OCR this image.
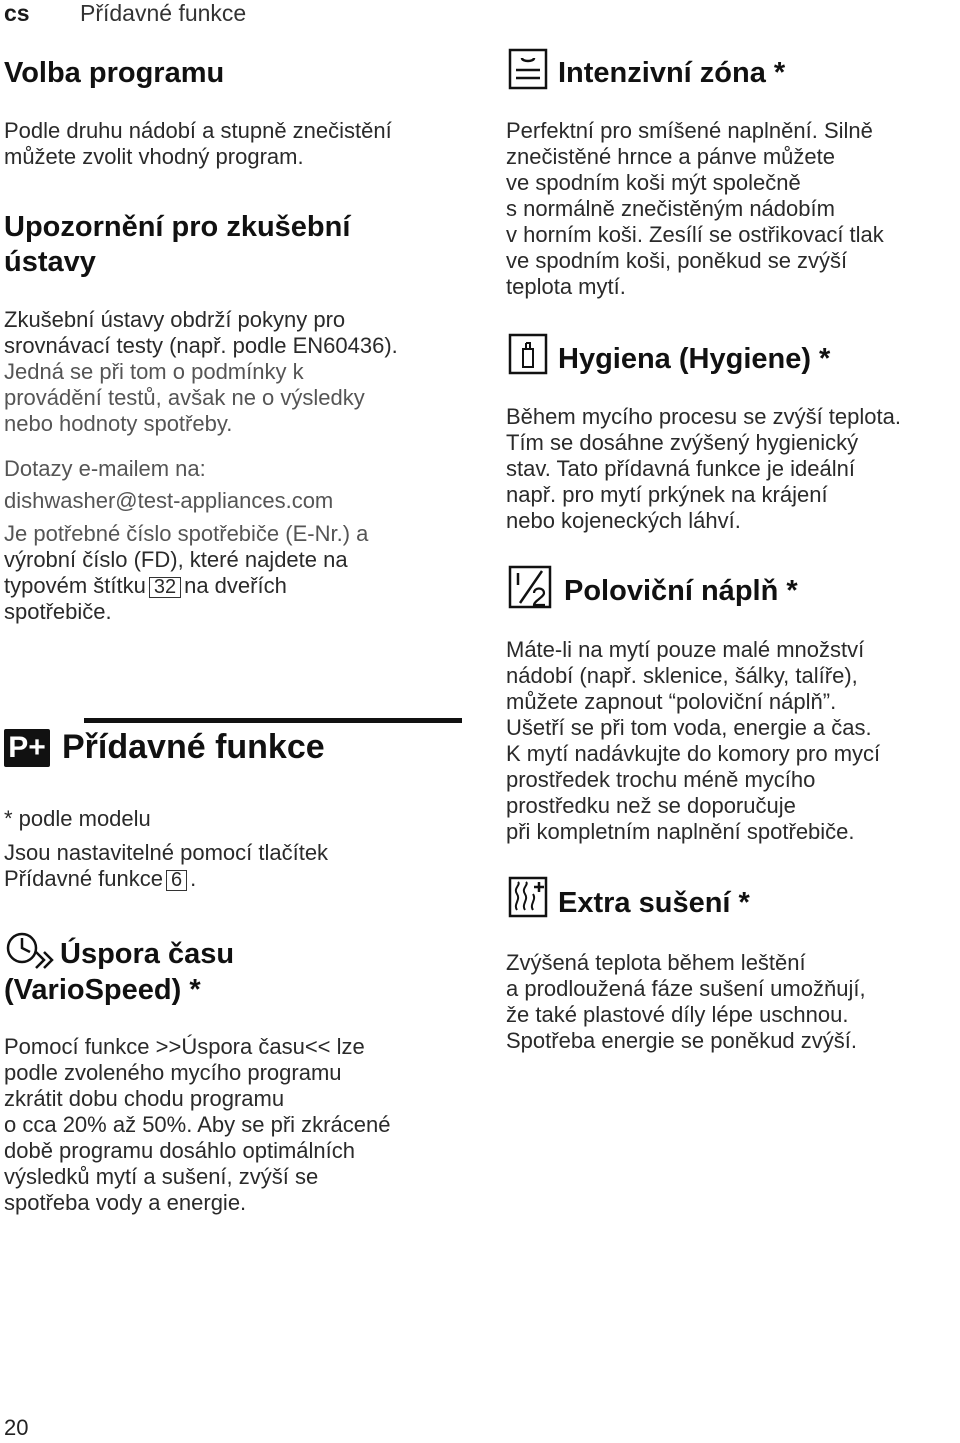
cs Přídavné funkce
Volba programu

Podle druhu nádobí a stupně znečistění

můžete zvolit vhodný program.

Upozornění pro zkušební
ústavy

Zkušební ústavy obdrží pokyny pro

srovnávací testy (např. podle EN60436).

Jedná se při tom o podmínky k

provádění testů, avšak ne o výsledky

nebo hodnoty spotřeby.

Dotazy e-mailem na:
dishwasher@test-appliances.com

Je potřebné číslo spotřebiče (E-Nr.) a

výrobní číslo (FD), které najdete na

typovém štítku 32 na dveřích

spotřebiče.

P+ Přídavné funkce
* podle modelu

Jsou nastavitelné pomocí tlačítek

Přídavné funkce 6 .

Úspora času
(VarioSpeed) *

Pomocí funkce >>Úspora času<< lze

podle zvoleného mycího programu

zkrátit dobu chodu programu

o cca 20% až 50%. Aby se při zkrácené

době programu dosáhlo optimálních

výsledků mytí a sušení, zvýší se

spotřeba vody a energie.

Intenzivní zóna *

Perfektní pro smíšené naplnění. Silně

znečistěné hrnce a pánve můžete

ve spodním koši mýt společně

s normálně znečistěným nádobím

v horním koši. Zesílí se ostřikovací tlak

ve spodním koši, poněkud se zvýší

teplota mytí.

Hygiena (Hygiene) *

Během mycího procesu se zvýší teplota.

Tím se dosáhne zvýšený hygienický

stav. Tato přídavná funkce je ideální

např. pro mytí prkýnek na krájení

nebo kojeneckých láhví.

Poloviční náplň *

Máte-li na mytí pouze malé množství

nádobí (např. sklenice, šálky, talíře),

můžete zapnout “poloviční náplň”.

Ušetří se při tom voda, energie a čas.

K mytí nadávkujte do komory pro mycí

prostředek trochu méně mycího

prostředku než se doporučuje

při kompletním naplnění spotřebiče.

Extra sušení *

Zvýšená teplota během leštění

a prodloužená fáze sušení umožňují,

že také plastové díly lépe uschnou.

Spotřeba energie se poněkud zvýší.

20
